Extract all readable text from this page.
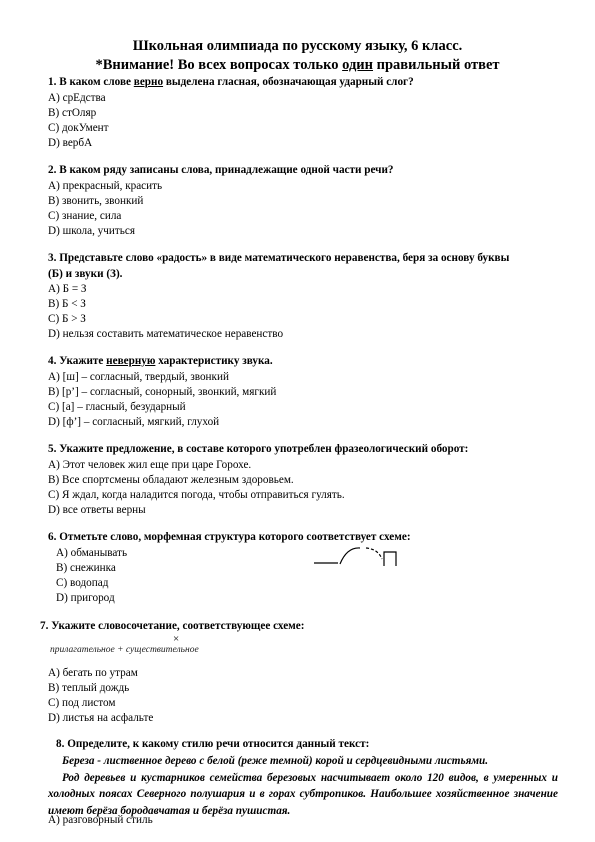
Школьная олимпиада по русскому языку, 6 класс.
*Внимание! Во всех вопросах только один правильный ответ
1. В каком слове верно выделена гласная, обозначающая ударный слог?
A) срЕдства
B) стОляр
C) докУмент
D) вербА
2. В каком ряду записаны слова, принадлежащие одной части речи?
A) прекрасный, красить
B) звонить, звонкий
C) знание, сила
D) школа, учиться
3. Представьте слово «радость» в виде математического неравенства, беря за основу буквы
(Б) и звуки (З).
A) Б = З
B) Б < З
C) Б > З
D) нельзя составить математическое неравенство
4. Укажите неверную характеристику звука.
A) [ш] – согласный, твердый, звонкий
B) [р’] – согласный, сонорный, звонкий, мягкий
C) [а] – гласный, безударный
D) [ф’] – согласный, мягкий, глухой
5. Укажите предложение, в составе которого употреблен фразеологический оборот:
A) Этот человек жил еще при царе Горохе.
B) Все спортсмены обладают железным здоровьем.
C) Я ждал, когда наладится погода, чтобы отправиться гулять.
D) все ответы верны
6. Отметьте слово, морфемная структура которого соответствует схеме:
A) обманывать
B) снежинка
C) водопад
D) пригород
7. Укажите словосочетание, соответствующее схеме:
×
прилагательное + существительное
A) бегать по утрам
B) теплый дождь
C) под листом
D) листья на асфальте
8. Определите, к какому стилю речи относится данный текст:

Береза - лиственное дерево с белой (реже темной) корой и сердцевидными листьями.

Род деревьев и кустарников семейства березовых насчитывает около 120 видов, в умеренных и холодных поясах Северного полушария и в горах субтропиков. Наибольшее хозяйственное значение имеют берёза бородавчатая и берёза пушистая.

A) разговорный стиль
